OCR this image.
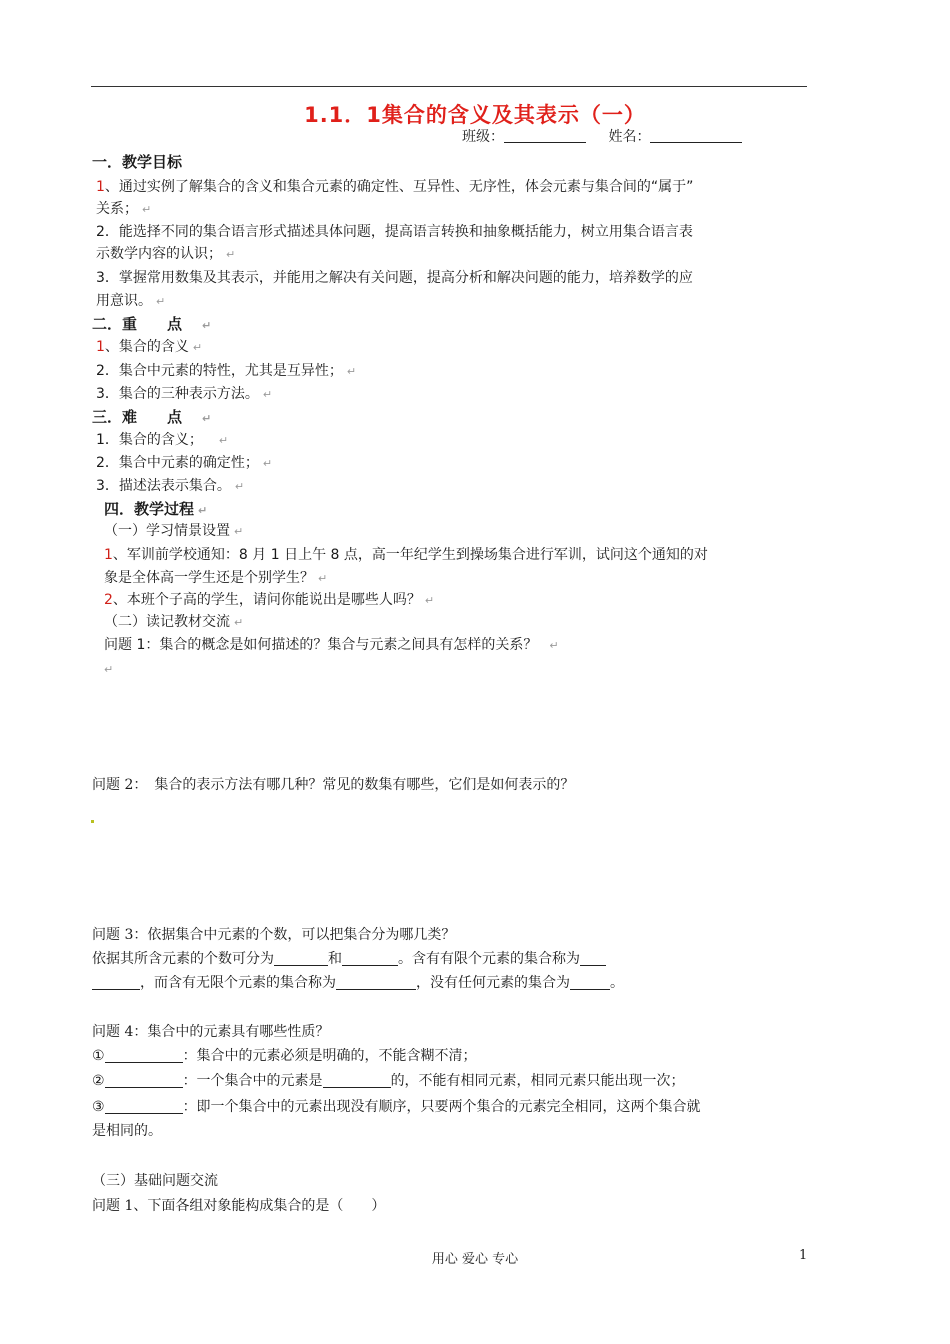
1.1．1集合的含义及其表示（一）
班级：	姓名：
一．教学目标
1、通过实例了解集合的含义和集合元素的确定性、互异性、无序性，体会元素与集合间的“属于”
关系； ↵
2．能选择不同的集合语言形式描述具体问题，提高语言转换和抽象概括能力，树立用集合语言表
示数学内容的认识； ↵
3．掌握常用数集及其表示，并能用之解决有关问题，提高分析和解决问题的能力，培养数学的应
用意识。 ↵
二．重　　点 ↵
1、集合的含义 ↵
2．集合中元素的特性，尤其是互异性； ↵
3．集合的三种表示方法。 ↵
三．难　　点 ↵
1．集合的含义； ↵
2．集合中元素的确定性； ↵
3．描述法表示集合。 ↵
四．教学过程 ↵
（一）学习情景设置 ↵
1、军训前学校通知：8 月 1 日上午 8 点，高一年纪学生到操场集合进行军训，试问这个通知的对
象是全体高一学生还是个别学生？ ↵
2、本班个子高的学生，请问你能说出是哪些人吗？ ↵
（二）读记教材交流 ↵
问题 1：集合的概念是如何描述的？集合与元素之间具有怎样的关系？ ↵
↵
问题 2：　集合的表示方法有哪几种？常见的数集有哪些，它们是如何表示的？
问题 3：依据集合中元素的个数，可以把集合分为哪几类？
依据其所含元素的个数可分为	和	。含有有限个元素的集合称为
，而含有无限个元素的集合称为	，没有任何元素的集合为	。
问题 4：集合中的元素具有哪些性质？
①	：集合中的元素必须是明确的，不能含糊不清；
②	：一个集合中的元素是	的，不能有相同元素，相同元素只能出现一次；
③	：即一个集合中的元素出现没有顺序，只要两个集合的元素完全相同，这两个集合就
是相同的。
（三）基础问题交流
问题 1、下面各组对象能构成集合的是（　　）
用心 爱心 专心	1
